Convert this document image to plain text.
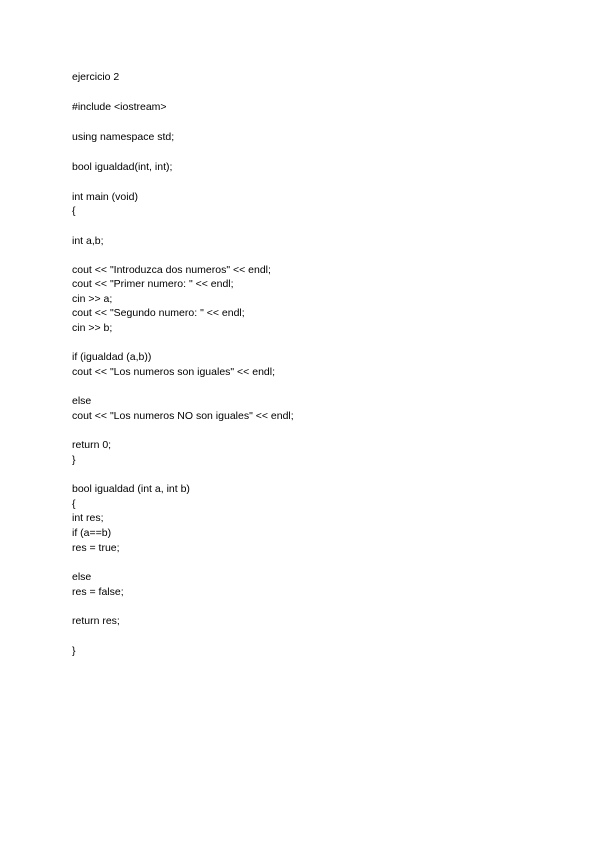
ejercicio 2
#include <iostream>
using namespace std;
bool igualdad(int, int);
int main (void)
{
int a,b;
cout << "Introduzca dos numeros" << endl;
cout << "Primer numero: " << endl;
cin >> a;
cout << "Segundo numero: " << endl;
cin >> b;
if (igualdad (a,b))
cout << "Los numeros son iguales" << endl;
else
cout << "Los numeros NO son iguales" << endl;
return 0;
}
bool igualdad (int a, int b)
{
int res;
if (a==b)
res = true;
else
res = false;
return res;
}
